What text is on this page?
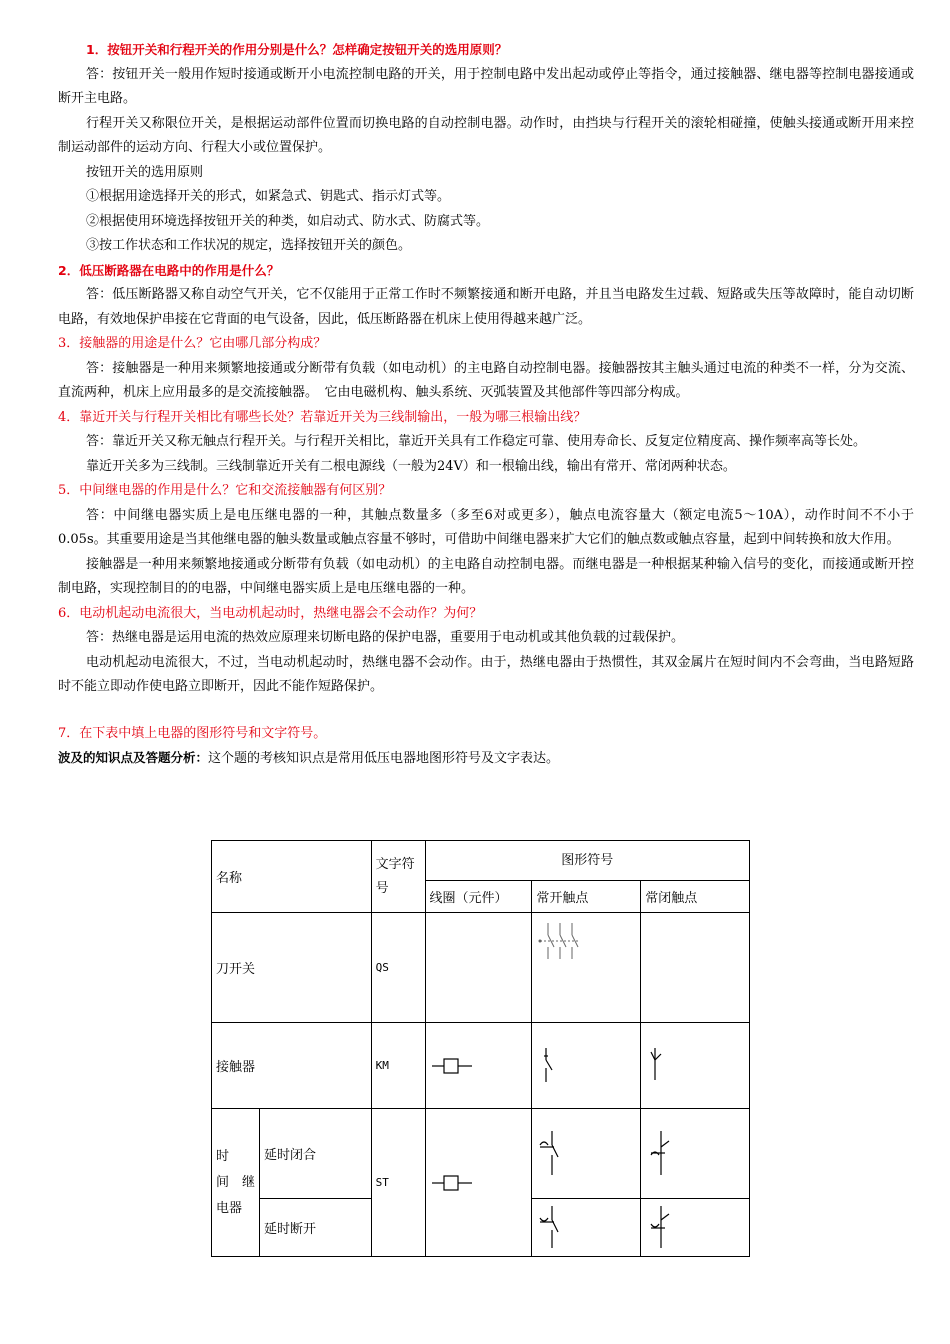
1．按钮开关和行程开关的作用分别是什么？怎样确定按钮开关的选用原则？

答：按钮开关一般用作短时接通或断开小电流控制电路的开关，用于控制电路中发出起动或停止等指令，通过接触器、继电器等控制电器接通或断开主电路。

行程开关又称限位开关，是根据运动部件位置而切换电路的自动控制电器。动作时，由挡块与行程开关的滚轮相碰撞，使触头接通或断开用来控制运动部件的运动方向、行程大小或位置保护。

按钮开关的选用原则

①根据用途选择开关的形式，如紧急式、钥匙式、指示灯式等。

②根据使用环境选择按钮开关的种类，如启动式、防水式、防腐式等。

③按工作状态和工作状况的规定，选择按钮开关的颜色。

2．低压断路器在电路中的作用是什么？

答：低压断路器又称自动空气开关，它不仅能用于正常工作时不频繁接通和断开电路，并且当电路发生过载、短路或失压等故障时，能自动切断电路，有效地保护串接在它背面的电气设备，因此，低压断路器在机床上使用得越来越广泛。

3．接触器的用途是什么？它由哪几部分构成？

答：接触器是一种用来频繁地接通或分断带有负载（如电动机）的主电路自动控制电器。接触器按其主触头通过电流的种类不一样，分为交流、直流两种，机床上应用最多的是交流接触器。　它由电磁机构、触头系统、灭弧装置及其他部件等四部分构成。

4．靠近开关与行程开关相比有哪些长处？若靠近开关为三线制输出，一般为哪三根输出线？

答：靠近开关又称无触点行程开关。与行程开关相比，靠近开关具有工作稳定可靠、使用寿命长、反复定位精度高、操作频率高等长处。

靠近开关多为三线制。三线制靠近开关有二根电源线（一般为24V）和一根输出线，输出有常开、常闭两种状态。

5．中间继电器的作用是什么？它和交流接触器有何区别？

答：中间继电器实质上是电压继电器的一种，其触点数量多（多至6对或更多），触点电流容量大（额定电流5～10A），动作时间不不小于0.05s。其重要用途是当其他继电器的触头数量或触点容量不够时，可借助中间继电器来扩大它们的触点数或触点容量，起到中间转换和放大作用。

接触器是一种用来频繁地接通或分断带有负载（如电动机）的主电路自动控制电器。而继电器是一种根据某种输入信号的变化，而接通或断开控制电路，实现控制目的的电器，中间继电器实质上是电压继电器的一种。

6．电动机起动电流很大，当电动机起动时，热继电器会不会动作？为何？

答：热继电器是运用电流的热效应原理来切断电路的保护电器，重要用于电动机或其他负载的过载保护。

电动机起动电流很大，不过，当电动机起动时，热继电器不会动作。由于，热继电器由于热惯性，其双金属片在短时间内不会弯曲，当电路短路时不能立即动作使电路立即断开，因此不能作短路保护。

7．在下表中填上电器的图形符号和文字符号。

波及的知识点及答题分析：这个题的考核知识点是常用低压电器地图形符号及文字表达。

名称		文字符号	图形符号		
			线圈（元件）	常开触点	常闭触点
刀开关		QS		

接触器		KM	

时　间继　电器	延时闭合	ST	

	延时断开	
